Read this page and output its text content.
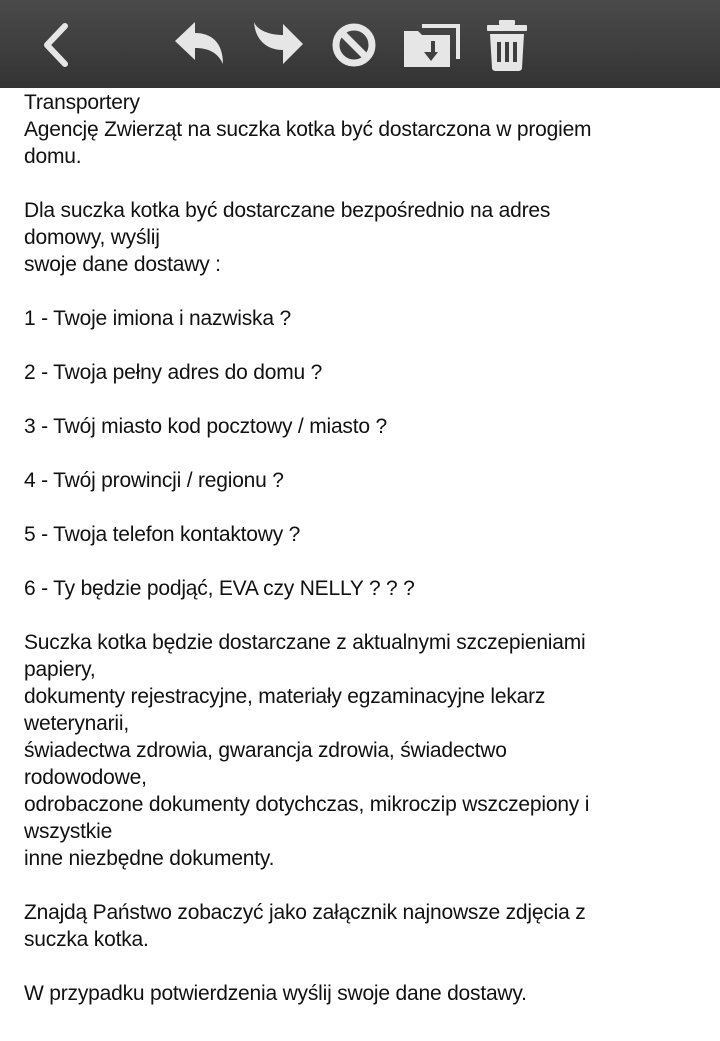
Transportery
Agencję Zwierząt na suczka kotka być dostarczona w progiem
domu.
Dla suczka kotka być dostarczane bezpośrednio na adres
domowy, wyślij
swoje dane dostawy :
1 - Twoje imiona i nazwiska ?
2 - Twoja pełny adres do domu ?
3 - Twój miasto kod pocztowy / miasto ?
4 - Twój prowincji / regionu ?
5 - Twoja telefon kontaktowy ?
6 - Ty będzie podjąć, EVA czy NELLY ? ? ?
Suczka kotka będzie dostarczane z aktualnymi szczepieniami
papiery,
dokumenty rejestracyjne, materiały egzaminacyjne lekarz
weterynarii,
świadectwa zdrowia, gwarancja zdrowia, świadectwo
rodowodowe,
odrobaczone dokumenty dotychczas, mikroczip wszczepiony i
wszystkie
inne niezbędne dokumenty.
Znajdą Państwo zobaczyć jako załącznik najnowsze zdjęcia z
suczka kotka.
W przypadku potwierdzenia wyślij swoje dane dostawy.
